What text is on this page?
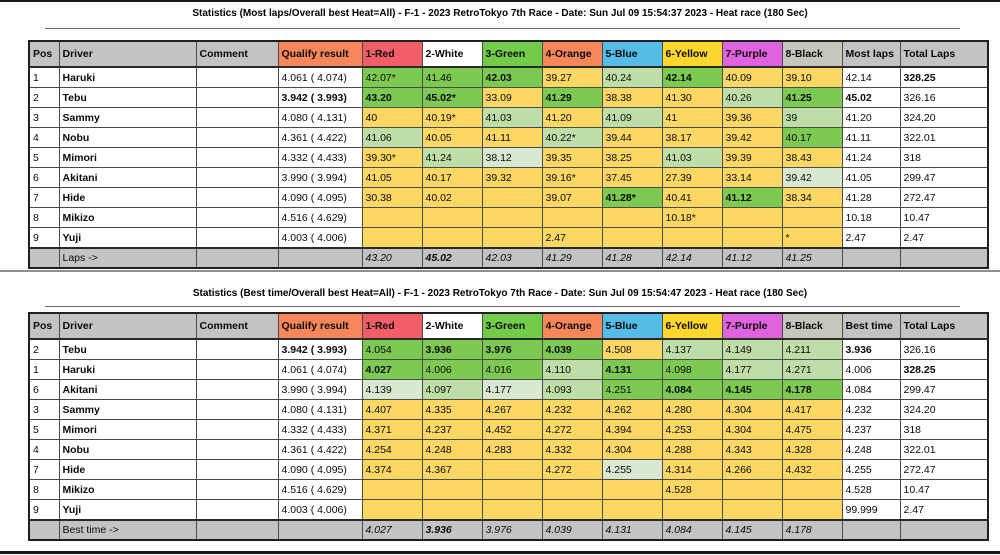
Statistics (Most laps/Overall best Heat=All) - F-1 - 2023 RetroTokyo 7th Race - Date: Sun Jul 09 15:54:37 2023 - Heat race (180 Sec)
Pos	Driver	Comment	Qualify result	1-Red	2-White	3-Green	4-Orange	5-Blue	6-Yellow	7-Purple	8-Black	Most laps	Total Laps
1	Haruki		4.061 ( 4.074)	42.07*	41.46	42.03	39.27	40.24	42.14	40.09	39.10	42.14	328.25
2	Tebu		3.942 ( 3.993)	43.20	45.02*	33.09	41.29	38.38	41.30	40.26	41.25	45.02	326.16
3	Sammy		4.080 ( 4.131)	40	40.19*	41.03	41.20	41.09	41	39.36	39	41.20	324.20
4	Nobu		4.361 ( 4.422)	41.06	40.05	41.11	40.22*	39.44	38.17	39.42	40.17	41.11	322.01
5	Mimori		4.332 ( 4.433)	39.30*	41.24	38.12	39.35	38.25	41.03	39.39	38.43	41.24	318
6	Akitani		3.990 ( 3.994)	41.05	40.17	39.32	39.16*	37.45	27.39	33.14	39.42	41.05	299.47
7	Hide		4.090 ( 4.095)	30.38	40.02		39.07	41.28*	40.41	41.12	38.34	41.28	272.47
8	Mikizo		4.516 ( 4.629)						10.18*			10.18	10.47
9	Yuji		4.003 ( 4.006)				2.47				*	2.47	2.47
	Laps ->			43.20	45.02	42.03	41.29	41.28	42.14	41.12	41.25		
Statistics (Best time/Overall best Heat=All) - F-1 - 2023 RetroTokyo 7th Race - Date: Sun Jul 09 15:54:47 2023 - Heat race (180 Sec)
Pos	Driver	Comment	Qualify result	1-Red	2-White	3-Green	4-Orange	5-Blue	6-Yellow	7-Purple	8-Black	Best time	Total Laps
2	Tebu		3.942 ( 3.993)	4.054	3.936	3.976	4.039	4.508	4.137	4.149	4.211	3.936	326.16
1	Haruki		4.061 ( 4.074)	4.027	4.006	4.016	4.110	4.131	4.098	4.177	4.271	4.006	328.25
6	Akitani		3.990 ( 3.994)	4.139	4.097	4.177	4.093	4.251	4.084	4.145	4.178	4.084	299.47
3	Sammy		4.080 ( 4.131)	4.407	4.335	4.267	4.232	4.262	4.280	4.304	4.417	4.232	324.20
5	Mimori		4.332 ( 4.433)	4.371	4.237	4.452	4.272	4.394	4.253	4.304	4.475	4.237	318
4	Nobu		4.361 ( 4.422)	4.254	4.248	4.283	4.332	4.304	4.288	4.343	4.328	4.248	322.01
7	Hide		4.090 ( 4.095)	4.374	4.367		4.272	4.255	4.314	4.266	4.432	4.255	272.47
8	Mikizo		4.516 ( 4.629)						4.528			4.528	10.47
9	Yuji		4.003 ( 4.006)									99.999	2.47
	Best time ->			4.027	3.936	3.976	4.039	4.131	4.084	4.145	4.178		
